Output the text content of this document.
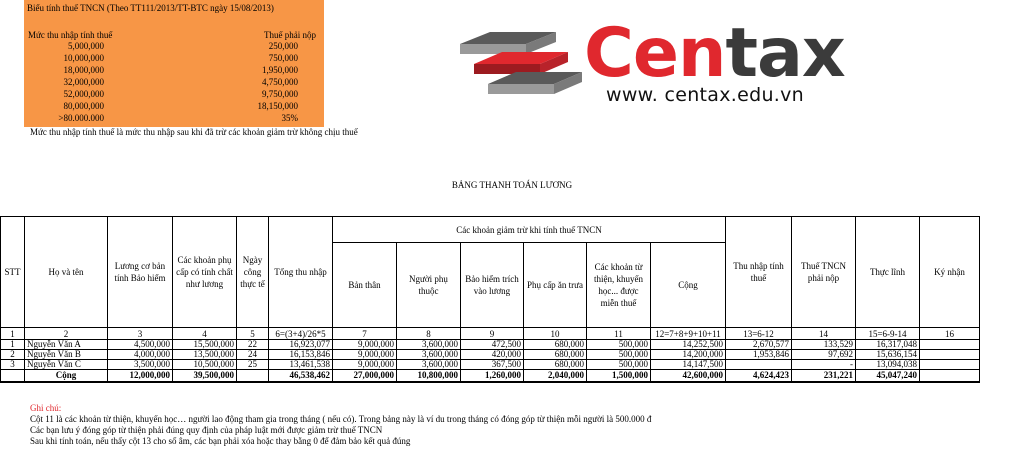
Biểu tính thuế TNCN (Theo TT111/2013/TT-BTC ngày 15/08/2013)
Mức thu nhập tính thuế	Thuế phải nộp
5,000,000	250,000
10,000,000	750,000
18,000,000	1,950,000
32,000,000	4,750,000
52,000,000	9,750,000
80,000,000	18,150,000
>80.000.000	35%
Mức thu nhập tính thuế là mức thu nhập sau khi đã trừ các khoản giảm trừ không chịu thuế
Centax
www. centax.edu.vn
BẢNG THANH TOÁN LƯƠNG
STT	Họ và tên	Lương cơ bản tính Bảo hiểm	Các khoản phụ cấp có tính chất như lương	Ngày công thực tế	Tổng thu nhập	Các khoản giảm trừ khi tính thuế TNCN						Thu nhập tính thuế	Thuế TNCN phải nộp	Thực lĩnh	Ký nhận
						Bản thân	Người phụ thuộc	Bảo hiểm trích vào lương	Phụ cấp ăn trưa	Các khoản từ thiện, khuyến học... được miễn thuế	Cộng				
1	2	3	4	5	6=(3+4)/26*5	7	8	9	10	11	12=7+8+9+10+11	13=6-12	14	15=6-9-14	16
1	Nguyễn Văn A	4,500,000	15,500,000	22	16,923,077	9,000,000	3,600,000	472,500	680,000	500,000	14,252,500	2,670,577	133,529	16,317,048	
2	Nguyễn Văn B	4,000,000	13,500,000	24	16,153,846	9,000,000	3,600,000	420,000	680,000	500,000	14,200,000	1,953,846	97,692	15,636,154	
3	Nguyễn Văn C	3,500,000	10,500,000	25	13,461,538	9,000,000	3,600,000	367,500	680,000	500,000	14,147,500		-	13,094,038	
	Cộng	12,000,000	39,500,000		46,538,462	27,000,000	10,800,000	1,260,000	2,040,000	1,500,000	42,600,000	4,624,423	231,221	45,047,240	
Ghi chú:
Cột 11 là các khoản từ thiện, khuyến học… người lao động tham gia trong tháng ( nếu có). Trong bảng này là ví du trong tháng có đóng góp từ thiện mỗi người là 500.000 đ
Các bạn lưu ý đóng góp từ thiện phải đúng quy định của pháp luật mới được giảm trừ thuế TNCN
Sau khi tính toán, nếu thấy cột 13 cho số âm, các bạn phải xóa hoặc thay bằng 0 để đảm bảo kết quả đúng
